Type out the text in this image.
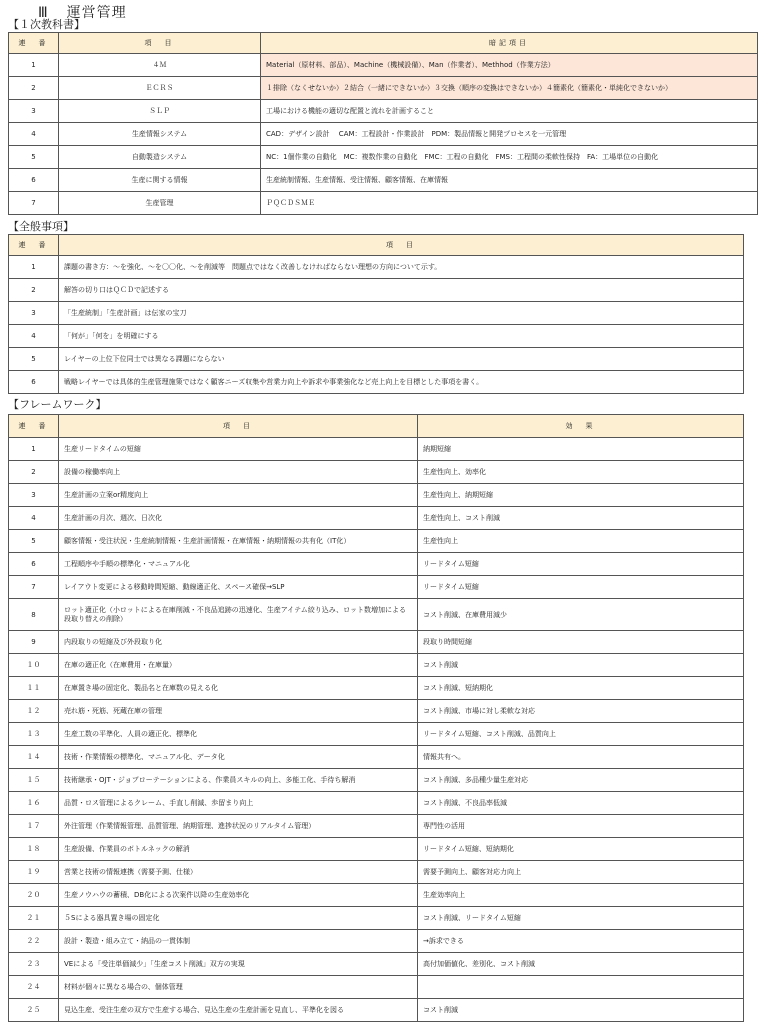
Ⅲ 運営管理
【１次教科書】
連　番	項　目	暗記項目
1	４Ｍ	Material（原材料、部品）、Machine（機械設備）、Man（作業者）、Methhod（作業方法）
2	ＥＣＲＳ	１排除（なくせないか）２結合（一緒にできないか）３交換（順序の変換はできないか）４簡素化（簡素化・単純化できないか）
3	ＳＬＰ	工場における機能の適切な配置と流れを計画すること
4	生産情報システム	CAD：デザイン設計　 CAM：工程設計・作業設計　PDM：製品情報と開発プロセスを一元管理
5	自動製造システム	NC：1個作業の自動化　MC：複数作業の自動化　FMC：工程の自動化　FMS：工程間の柔軟性保持　FA：工場単位の自動化
6	生産に関する情報	生産統制情報、生産情報、受注情報、顧客情報、在庫情報
7	生産管理	ＰＱＣＤＳＭＥ
【全般事項】
連　番	項　目
1	課題の書き方：～を強化、～を〇〇化、～を削減等　問題点ではなく改善しなければならない理想の方向について示す。
2	解答の切り口はＱＣＤで記述する
3	「生産統制」「生産計画」は伝家の宝刀
4	「何が」「何を」を明確にする
5	レイヤーの上位下位同士では異なる課題にならない
6	戦略レイヤーでは具体的生産管理施策ではなく顧客ニーズ収集や営業力向上や訴求や事業強化など売上向上を目標とした事項を書く。
【フレームワーク】
連　番	項　目	効　果
1	生産リードタイムの短縮	納期短縮
2	設備の稼働率向上	生産性向上、効率化
3	生産計画の立案or精度向上	生産性向上、納期短縮
4	生産計画の月次、週次、日次化	生産性向上、コスト削減
5	顧客情報・受注状況・生産統制情報・生産計画情報・在庫情報・納期情報の共有化（IT化）	生産性向上
6	工程順序や手順の標準化・マニュアル化	リードタイム短縮
7	レイアウト変更による移動時間短縮、動線適正化、スペース確保→SLP	リードタイム短縮
8	ロット適正化（小ロットによる在庫削減・不良品追跡の迅速化、生産アイテム絞り込み、ロット数増加による段取り替えの削除）	コスト削減、在庫費用減少
9	内段取りの短縮及び外段取り化	段取り時間短縮
１０	在庫の適正化（在庫費用・在庫量）	コスト削減
１１	在庫置き場の固定化、製品名と在庫数の見える化	コスト削減、短納期化
１２	売れ筋・死筋、死蔵在庫の管理	コスト削減、市場に対し柔軟な対応
１３	生産工数の平準化、人員の適正化、標準化	リードタイム短縮、コスト削減、品質向上
１４	技術・作業情報の標準化、マニュアル化、データ化	情報共有へ。
１５	技術継承・OJT・ジョブローテーションによる、作業員スキルの向上、多能工化、手待ち解消	コスト削減、多品種少量生産対応
１６	品質・ロス管理によるクレーム、手直し削減、歩留まり向上	コスト削減、不良品率低減
１７	外注管理（作業情報管理、品質管理、納期管理、進捗状況のリアルタイム管理）	専門性の活用
１８	生産設備、作業員のボトルネックの解消	リードタイム短縮、短納期化
１９	営業と技術の情報連携（需要予測、仕様）	需要予測向上、顧客対応力向上
２０	生産ノウハウの蓄積、DB化による次案件以降の生産効率化	生産効率向上
２１	５Sによる器具置き場の固定化	コスト削減、リードタイム短縮
２２	設計・製造・組み立て・納品の一貫体制	→訴求できる
２３	VEによる「受注単価減少」「生産コスト削減」双方の実現	高付加価値化、差別化、コスト削減
２４	材料が個々に異なる場合の、個体管理	
２５	見込生産、受注生産の双方で生産する場合、見込生産の生産計画を見直し、平準化を図る	コスト削減
